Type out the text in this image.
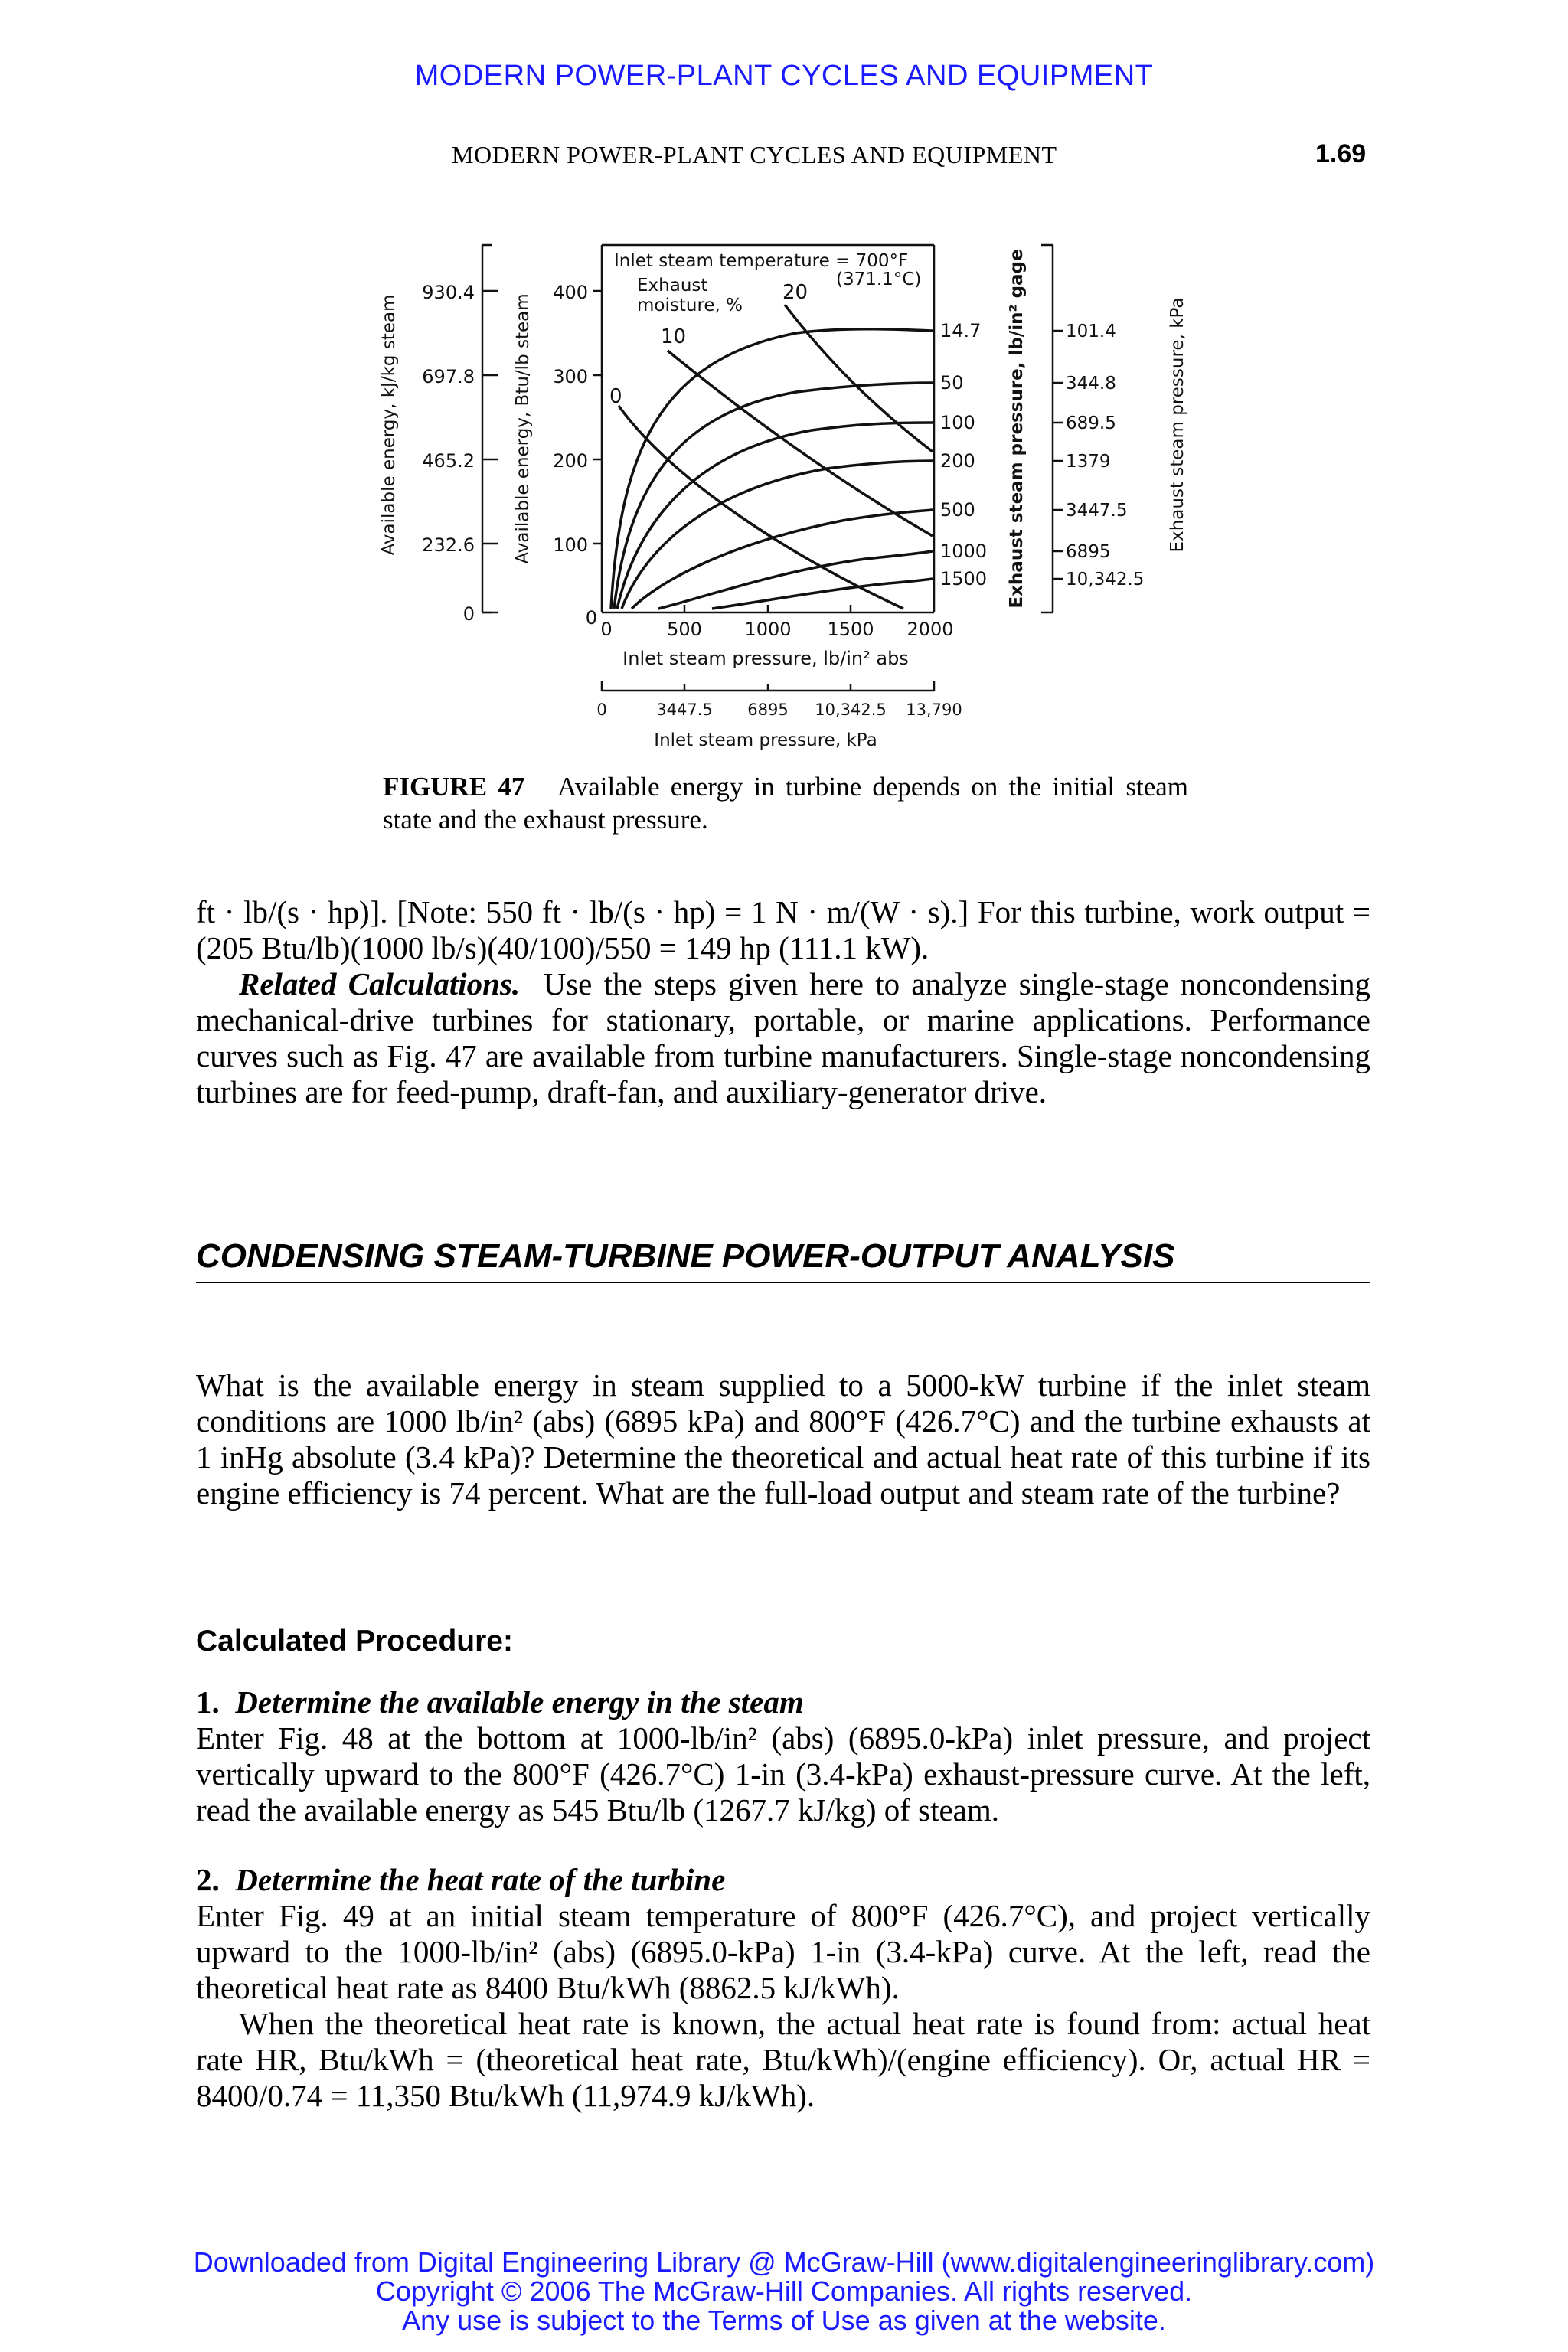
MODERN POWER-PLANT CYCLES AND EQUIPMENT
MODERN POWER-PLANT CYCLES AND EQUIPMENT	1.69
930.4
697.8
465.2
232.6
0
400
300
200
100
0
Available energy, kJ/kg steam	Available energy, Btu/lb steam
Inlet steam temperature = 700°F
(371.1°C)
Exhaust
moisture, %
20
10
0
0	500 1000 1500 2000
Inlet steam pressure, lb/in² abs
0	3447.5 6895 10,342.5 13,790
Inlet steam pressure, kPa
14.7
50
100
200
500
1000
1500 Exhaust steam pressure, lb/in² gage 101.4
344.8
689.5
1379
3447.5
6895
10,342.5
Exhaust steam pressure, kPa
FIGURE 47 Available energy in turbine depends on the initial steam state and the exhaust pressure.
ft · lb/(s · hp)]. [Note: 550 ft · lb/(s · hp) = 1 N · m/(W · s).] For this turbine, work output = (205 Btu/lb)(1000 lb/s)(40/100)/550 = 149 hp (111.1 kW).
Related Calculations. Use the steps given here to analyze single-stage noncondensing mechanical-drive turbines for stationary, portable, or marine applications. Performance curves such as Fig. 47 are available from turbine manufacturers. Single-stage noncondensing turbines are for feed-pump, draft-fan, and auxiliary-generator drive.
CONDENSING STEAM-TURBINE POWER-OUTPUT ANALYSIS
What is the available energy in steam supplied to a 5000-kW turbine if the inlet steam conditions are 1000 lb/in² (abs) (6895 kPa) and 800°F (426.7°C) and the turbine exhausts at 1 inHg absolute (3.4 kPa)? Determine the theoretical and actual heat rate of this turbine if its engine efficiency is 74 percent. What are the full-load output and steam rate of the turbine?
Calculated Procedure:
1. Determine the available energy in the steam
Enter Fig. 48 at the bottom at 1000-lb/in² (abs) (6895.0-kPa) inlet pressure, and project vertically upward to the 800°F (426.7°C) 1-in (3.4-kPa) exhaust-pressure curve. At the left, read the available energy as 545 Btu/lb (1267.7 kJ/kg) of steam.
2. Determine the heat rate of the turbine
Enter Fig. 49 at an initial steam temperature of 800°F (426.7°C), and project vertically upward to the 1000-lb/in² (abs) (6895.0-kPa) 1-in (3.4-kPa) curve. At the left, read the theoretical heat rate as 8400 Btu/kWh (8862.5 kJ/kWh).
When the theoretical heat rate is known, the actual heat rate is found from: actual heat rate HR, Btu/kWh = (theoretical heat rate, Btu/kWh)/(engine efficiency). Or, actual HR = 8400/0.74 = 11,350 Btu/kWh (11,974.9 kJ/kWh).
Downloaded from Digital Engineering Library @ McGraw-Hill (www.digitalengineeringlibrary.com)
Copyright © 2006 The McGraw-Hill Companies. All rights reserved.
Any use is subject to the Terms of Use as given at the website.
